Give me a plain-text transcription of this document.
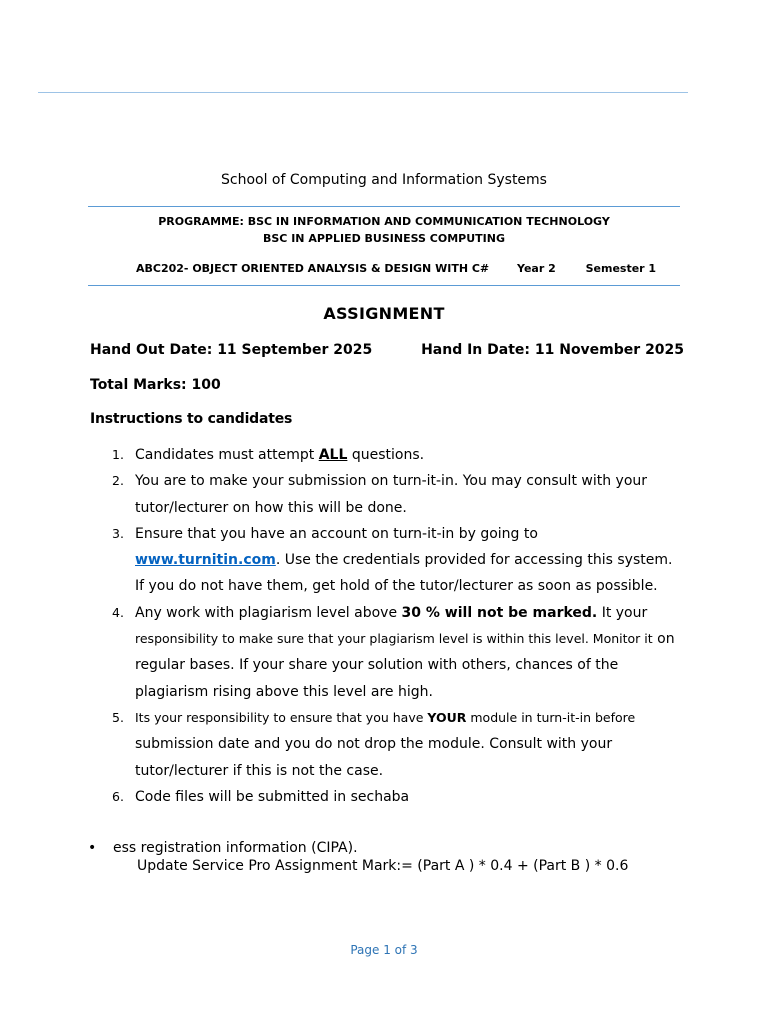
School of Computing and Information Systems
PROGRAMME: BSC IN INFORMATION AND COMMUNICATION TECHNOLOGY
BSC IN APPLIED BUSINESS COMPUTING
ABC202- OBJECT ORIENTED ANALYSIS & DESIGN WITH C#	Year 2	Semester 1
ASSIGNMENT
Hand Out Date: 11 September 2025	Hand In Date: 11 November 2025
Total Marks: 100
Instructions to candidates
1. Candidates must attempt ALL questions.
2. You are to make your submission on turn-it-in. You may consult with your tutor/lecturer on how this will be done.
3. Ensure that you have an account on turn-it-in by going to www.turnitin.com. Use the credentials provided for accessing this system. If you do not have them, get hold of the tutor/lecturer as soon as possible.
4. Any work with plagiarism level above 30 % will not be marked. It your responsibility to make sure that your plagiarism level is within this level. Monitor it on regular bases. If your share your solution with others, chances of the plagiarism rising above this level are high.
5. Its your responsibility to ensure that you have YOUR module in turn-it-in before submission date and you do not drop the module. Consult with your tutor/lecturer if this is not the case.
6. Code files will be submitted in sechaba
• ess registration information (CIPA).
Update Service Pro Assignment Mark:= (Part A ) * 0.4 + (Part B ) * 0.6
Page 1 of 3
